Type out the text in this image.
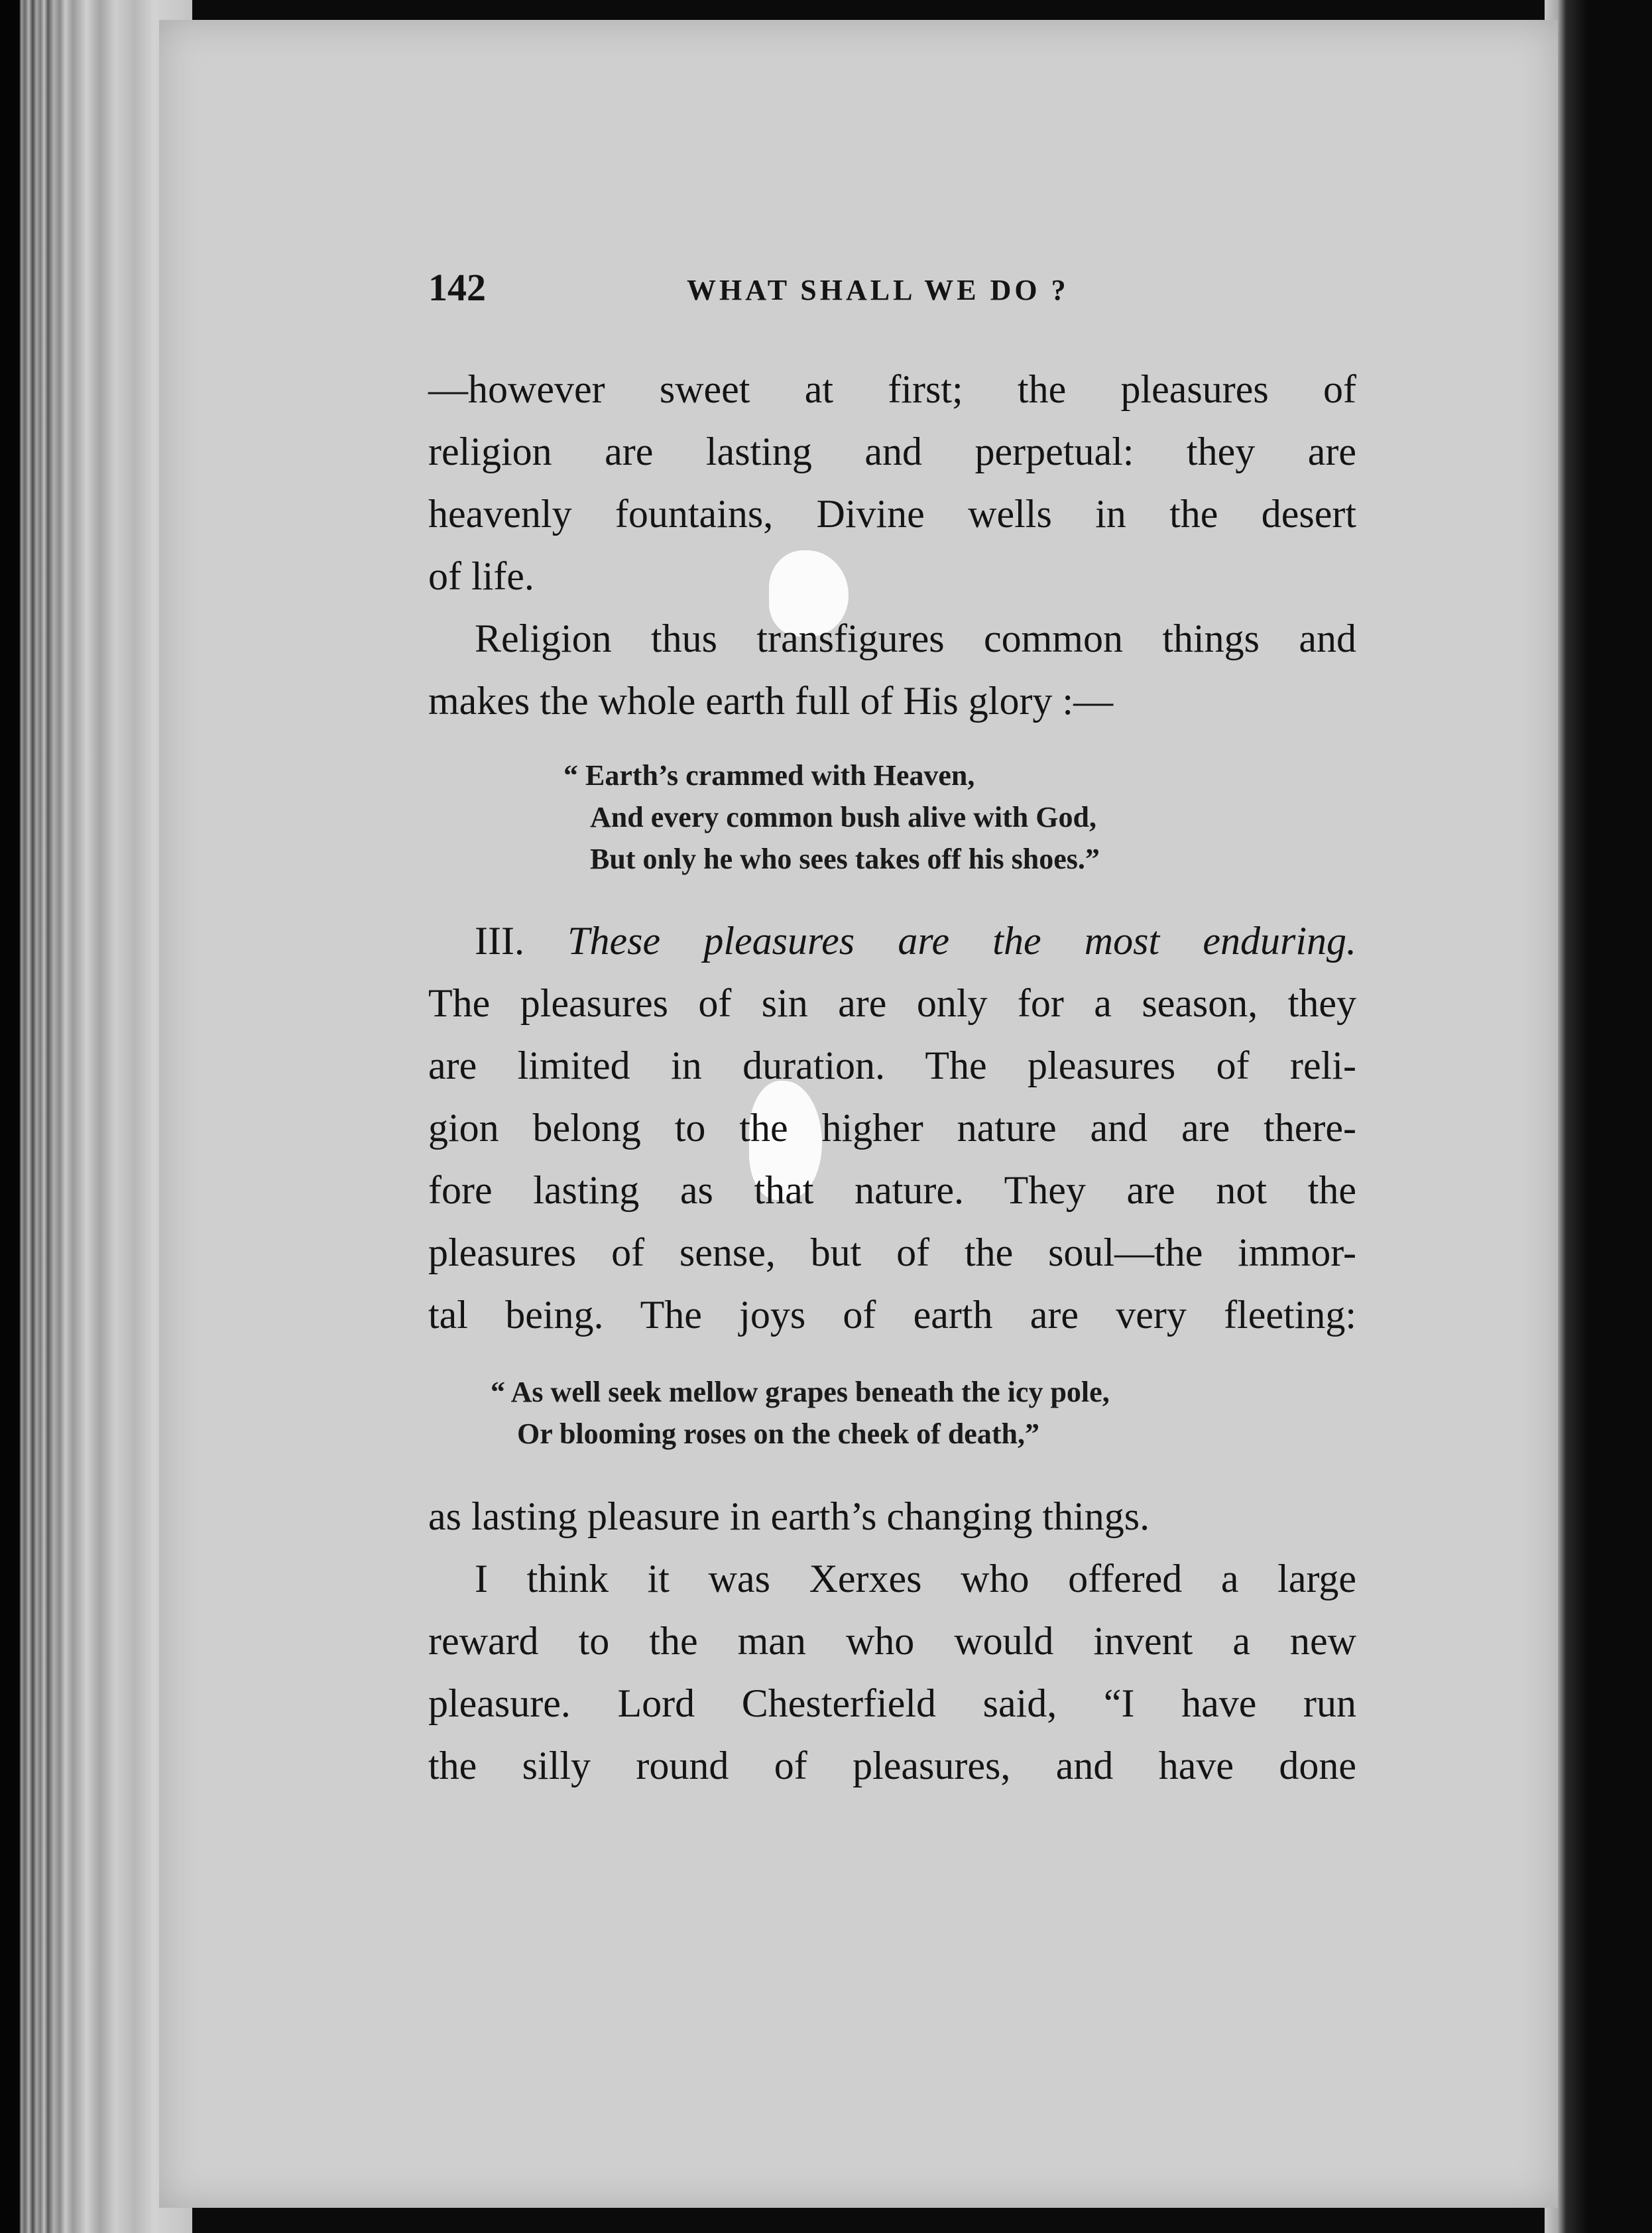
142	WHAT SHALL WE DO ?
—however sweet at first; the pleasures of
religion are lasting and perpetual: they are
heavenly fountains, Divine wells in the desert
of life.
Religion thus transfigures common things and
makes the whole earth full of His glory :—
“ Earth’s crammed with Heaven,
And every common bush alive with God,
But only he who sees takes off his shoes.”
III. These pleasures are the most enduring.
The pleasures of sin are only for a season, they
are limited in duration. The pleasures of reli-
gion belong to the higher nature and are there-
fore lasting as that nature. They are not the
pleasures of sense, but of the soul—the immor-
tal being. The joys of earth are very fleeting:
“ As well seek mellow grapes beneath the icy pole,
Or blooming roses on the cheek of death,”
as lasting pleasure in earth’s changing things.
I think it was Xerxes who offered a large
reward to the man who would invent a new
pleasure. Lord Chesterfield said, “I have run
the silly round of pleasures, and have done
